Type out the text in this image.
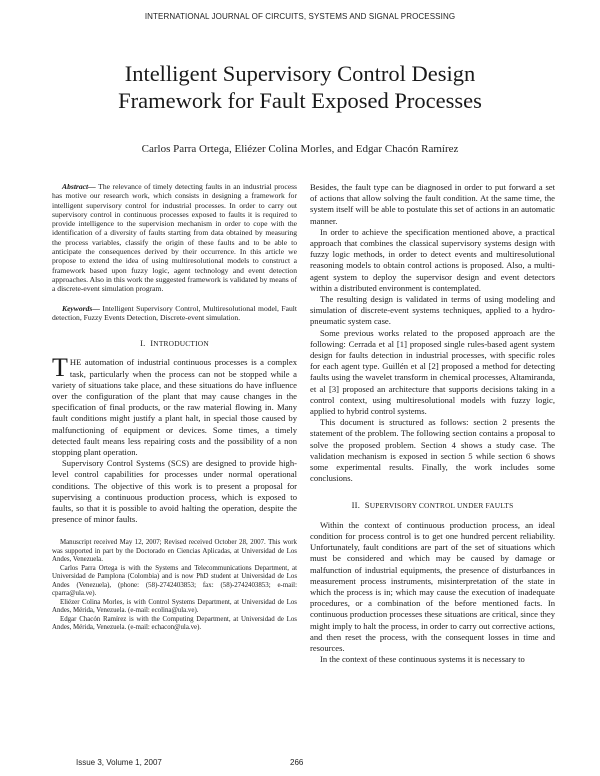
INTERNATIONAL JOURNAL OF CIRCUITS, SYSTEMS AND SIGNAL PROCESSING
Intelligent Supervisory Control Design
Framework for Fault Exposed Processes
Carlos Parra Ortega, Eliézer Colina Morles, and Edgar Chacón Ramírez

Abstract— The relevance of timely detecting faults in an industrial process has motive our research work, which consists in designing a framework for intelligent supervisory control for industrial processes. In order to carry out supervisory control in continuous processes exposed to faults it is required to provide intelligence to the supervision mechanism in order to cope with the identification of a diversity of faults starting from data obtained by measuring the process variables, classify the origin of these faults and to be able to anticipate the consequences derived by their occurrence. In this article we propose to extend the idea of using multiresolutional models to construct a framework based upon fuzzy logic, agent technology and event detection approaches. Also in this work the suggested framework is validated by means of a discrete-event simulation program.

Keywords— Intelligent Supervisory Control, Multiresolutional model, Fault detection, Fuzzy Events Detection, Discrete-event simulation.

I. INTRODUCTION

THE automation of industrial continuous processes is a complex task, particularly when the process can not be stopped while a variety of situations take place, and these situations do have influence over the configuration of the plant that may cause changes in the specification of final products, or the raw material flowing in. Many fault conditions might justify a plant halt, in special those caused by malfunctioning of equipment or devices. Some times, a timely detected fault means less repairing costs and the possibility of a non stopping plant operation.

Supervisory Control Systems (SCS) are designed to provide high-level control capabilities for processes under normal operational conditions. The objective of this work is to present a proposal for supervising a continuous production process, which is exposed to faults, so that it is possible to avoid halting the operation, despite the presence of minor faults.

Manuscript received May 12, 2007; Revised received October 28, 2007. This work was supported in part by the Doctorado en Ciencias Aplicadas, at Universidad de Los Andes, Venezuela.

Carlos Parra Ortega is with the Systems and Telecommunications Department, at Universidad de Pamplona (Colombia) and is now PhD student at Universidad de Los Andes (Venezuela), (phone: (58)-2742403853; fax: (58)-2742403853; e-mail: cparra@ula.ve).

Eliézer Colina Morles, is with Control Systems Department, at Universidad de Los Andes, Mérida, Venezuela. (e-mail: ecolina@ula.ve).

Edgar Chacón Ramírez is with the Computing Department, at Universidad de Los Andes, Mérida, Venezuela. (e-mail: echacon@ula.ve).

Besides, the fault type can be diagnosed in order to put forward a set of actions that allow solving the fault condition. At the same time, the system itself will be able to postulate this set of actions in an automatic manner.

In order to achieve the specification mentioned above, a practical approach that combines the classical supervisory systems design with fuzzy logic methods, in order to detect events and multiresolutional reasoning models to obtain control actions is proposed. Also, a multi-agent system to deploy the supervisor design and event detectors within a distributed environment is contemplated.

The resulting design is validated in terms of using modeling and simulation of discrete-event systems techniques, applied to a hydro-pneumatic system case.

Some previous works related to the proposed approach are the following: Cerrada et al [1] proposed single rules-based agent system design for faults detection in industrial processes, with specific roles for each agent type. Guillén et al [2] proposed a method for detecting faults using the wavelet transform in chemical processes, Altamiranda, et al [3] proposed an architecture that supports decisions taking in a control context, using multiresolutional models with fuzzy logic, applied to hybrid control systems.

This document is structured as follows: section 2 presents the statement of the problem. The following section contains a proposal to solve the proposed problem. Section 4 shows a study case. The validation mechanism is exposed in section 5 while section 6 shows some experimental results. Finally, the work includes some conclusions.

II. SUPERVISORY CONTROL UNDER FAULTS

Within the context of continuous production process, an ideal condition for process control is to get one hundred percent reliability. Unfortunately, fault conditions are part of the set of situations which must be considered and which may be caused by damage or malfunction of industrial equipments, the presence of disturbances in measurement process instruments, misinterpretation of the state in which the process is in; which may cause the execution of inadequate procedures, or a combination of the before mentioned facts. In continuous production processes these situations are critical, since they might imply to halt the process, in order to carry out corrective actions, and then reset the process, with the consequent losses in time and resources.

In the context of these continuous systems it is necessary to

Issue 3, Volume 1, 2007	266
